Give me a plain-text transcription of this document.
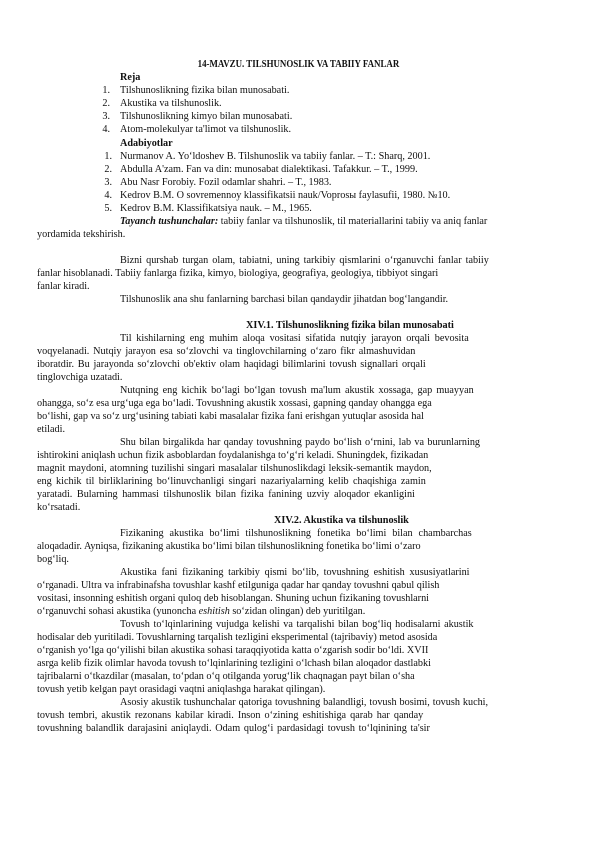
14-MAVZU. TILSHUNOSLIK VA TABIIY FANLAR
Reja
1. Tilshunoslikning fizika bilan munosabati.
2. Akustika va tilshunoslik.
3. Tilshunoslikning kimyo bilan munosabati.
4. Atom-molekulyar ta'limot va tilshunoslik.
Adabiyotlar
1. Nurmanov A. Yo‘ldoshev B. Tilshunoslik va tabiiy fanlar. – T.: Sharq, 2001.
2. Abdulla A'zam. Fan va din: munosabat dialektikasi. Tafakkur. – T., 1999.
3. Abu Nasr Forobiy. Fozil odamlar shahri. – T., 1983.
4. Kedrov B.M. O sovremennoy klassifikatsii nauk/Voprosы faylasufii, 1980. №10.
5. Kedrov B.M. Klassifikatsiya nauk. – M., 1965.
Tayanch tushunchalar: tabiiy fanlar va tilshunoslik, til materiallarini tabiiy va aniq fanlar
yordamida tekshirish.
Bizni qurshab turgan olam, tabiatni, uning tarkibiy qismlarini o‘rganuvchi fanlar tabiiy
fanlar hisoblanadi. Tabiiy fanlarga fizika, kimyo, biologiya, geografiya, geologiya, tibbiyot singari
fanlar kiradi.
Tilshunoslik ana shu fanlarning barchasi bilan qandaydir jihatdan bog‘langandir.
XIV.1. Tilshunoslikning fizika bilan munosabati
Til kishilarning eng muhim aloqa vositasi sifatida nutqiy jarayon orqali bevosita
voqyelanadi. Nutqiy jarayon esa so‘zlovchi va tinglovchilarning o‘zaro fikr almashuvidan
iboratdir. Bu jarayonda so‘zlovchi ob'ektiv olam haqidagi bilimlarini tovush signallari orqali
tinglovchiga uzatadi.
Nutqning eng kichik bo‘lagi bo‘lgan tovush ma'lum akustik xossaga, gap muayyan
ohangga, so‘z esa urg‘uga ega bo‘ladi. Tovushning akustik xossasi, gapning qanday ohangga ega
bo‘lishi, gap va so‘z urg‘usining tabiati kabi masalalar fizika fani erishgan yutuqlar asosida hal
etiladi.
Shu bilan birgalikda har qanday tovushning paydo bo‘lish o‘rnini, lab va burunlarning
ishtirokini aniqlash uchun fizik asboblardan foydalanishga to‘g‘ri keladi. Shuningdek, fizikadan
magnit maydoni, atomning tuzilishi singari masalalar tilshunoslikdagi leksik-semantik maydon,
eng kichik til birliklarining bo‘linuvchanligi singari nazariyalarning kelib chaqishiga zamin
yaratadi. Bularning hammasi tilshunoslik bilan fizika fanining uzviy aloqador ekanligini
ko‘rsatadi.
XIV.2. Akustika va tilshunoslik
Fizikaning akustika bo‘limi tilshunoslikning fonetika bo‘limi bilan chambarchas
aloqadadir. Ayniqsa, fizikaning akustika bo‘limi bilan tilshunoslikning fonetika bo‘limi o‘zaro
bog‘liq.
Akustika fani fizikaning tarkibiy qismi bo‘lib, tovushning eshitish xususiyatlarini
o‘rganadi. Ultra va infrabinafsha tovushlar kashf etilguniga qadar har qanday tovushni qabul qilish
vositasi, insonning eshitish organi quloq deb hisoblangan. Shuning uchun fizikaning tovushlarni
o‘rganuvchi sohasi akustika (yunoncha eshitish so‘zidan olingan) deb yuritilgan.
Tovush to‘lqinlarining vujudga kelishi va tarqalishi bilan bog‘liq hodisalarni akustik
hodisalar deb yuritiladi. Tovushlarning tarqalish tezligini eksperimental (tajribaviy) metod asosida
o‘rganish yo‘lga qo‘yilishi bilan akustika sohasi taraqqiyotida katta o‘zgarish sodir bo‘ldi. XVII
asrga kelib fizik olimlar havoda tovush to‘lqinlarining tezligini o‘lchash bilan aloqador dastlabki
tajribalarni o‘tkazdilar (masalan, to‘pdan o‘q otilganda yorug‘lik chaqnagan payt bilan o‘sha
tovush yetib kelgan payt orasidagi vaqtni aniqlashga harakat qilingan).
Asosiy akustik tushunchalar qatoriga tovushning balandligi, tovush bosimi, tovush kuchi,
tovush tembri, akustik rezonans kabilar kiradi. Inson o‘zining eshitishiga qarab har qanday
tovushning balandlik darajasini aniqlaydi. Odam qulog‘i pardasidagi tovush to‘lqinining ta'sir
